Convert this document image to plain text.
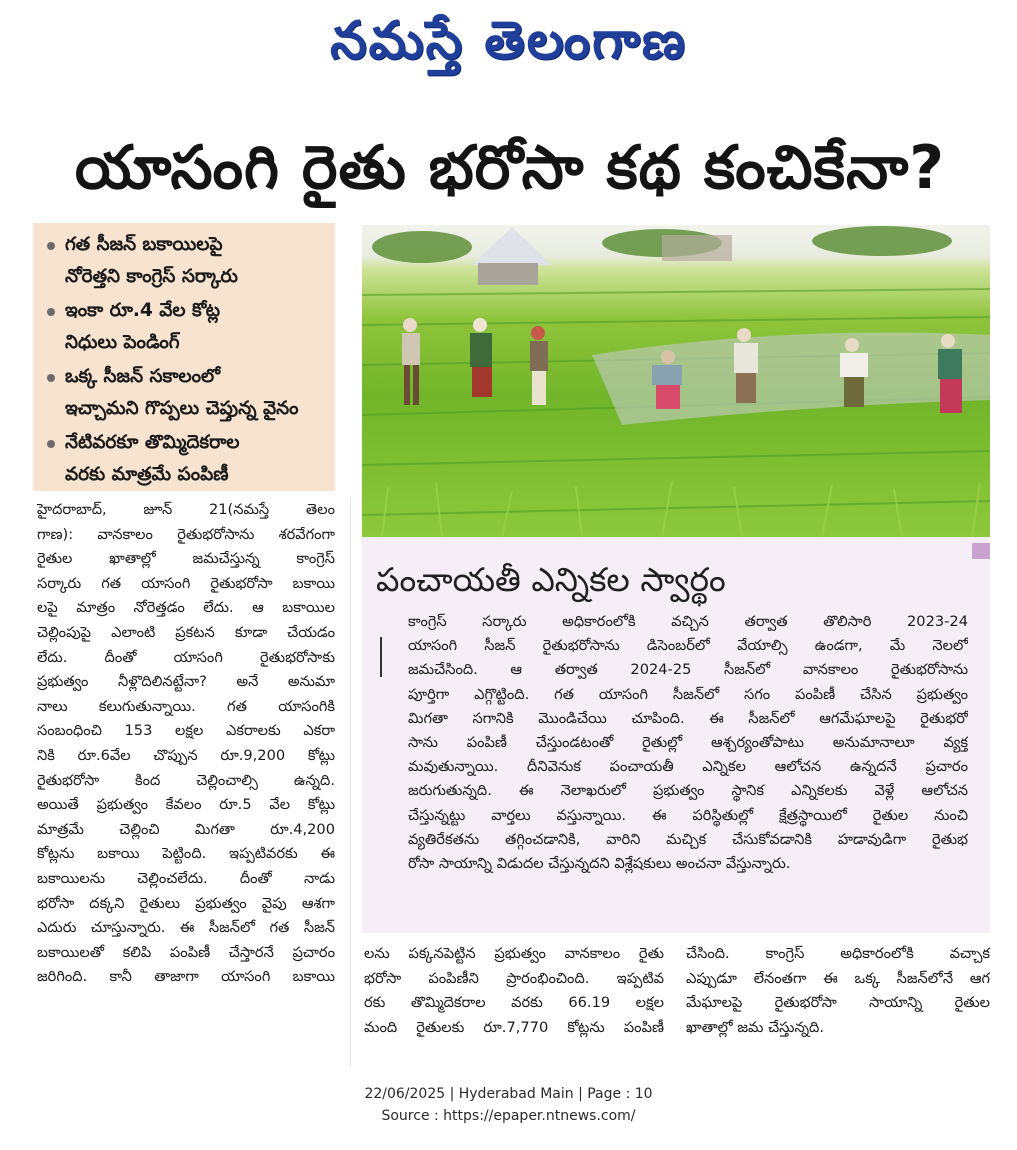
నమస్తే తెలంగాణ
యాసంగి రైతు భరోసా కథ కంచికేనా?
గత సీజన్ బకాయిలపై
నోరెత్తని కాంగ్రెస్ సర్కారు
ఇంకా రూ.4 వేల కోట్ల
నిధులు పెండింగ్
ఒక్క సీజన్ సకాలంలో
ఇచ్చామని గొప్పలు చెప్తున్న వైనం
నేటివరకూ తొమ్మిదెకరాల
వరకు మాత్రమే పంపిణీ
పంచాయతీ ఎన్నికల స్వార్థం
కాంగ్రెస్ సర్కారు అధికారంలోకి వచ్చిన తర్వాత తొలిసారి 2023-24
యాసంగి సీజన్ రైతుభరోసాను డిసెంబర్‌లో వేయాల్సి ఉండగా, మే నెలలో
జమచేసింది. ఆ తర్వాత 2024-25 సీజన్‌లో వానకాలం రైతుభరోసాను
పూర్తిగా ఎగ్గొట్టింది. గత యాసంగి సీజన్‌లో సగం పంపిణీ చేసిన ప్రభుత్వం
మిగతా సగానికి మొండిచేయి చూపింది. ఈ సీజన్‌లో ఆగమేఘాలపై రైతుభరో
సాను పంపిణీ చేస్తుండటంతో రైతుల్లో ఆశ్చర్యంతోపాటు అనుమానాలూ వ్యక్త
మవుతున్నాయి. దీనివెనుక పంచాయతీ ఎన్నికల ఆలోచన ఉన్నదనే ప్రచారం
జరుగుతున్నది. ఈ నెలాఖరులో ప్రభుత్వం స్థానిక ఎన్నికలకు వెళ్లే ఆలోచన
చేస్తున్నట్టు వార్తలు వస్తున్నాయి. ఈ పరిస్థితుల్లో క్షేత్రస్థాయిలో రైతుల నుంచి
వ్యతిరేకతను తగ్గించడానికి, వారిని మచ్చిక చేసుకోవడానికి హడావుడిగా రైతుభ
రోసా సాయాన్ని విడుదల చేస్తున్నదని విశ్లేషకులు అంచనా వేస్తున్నారు.
హైదరాబాద్, జూన్ 21(నమస్తే తెలం
గాణ): వానకాలం రైతుభరోసాను శరవేగంగా
రైతుల ఖాతాల్లో జమచేస్తున్న కాంగ్రెస్
సర్కారు గత యాసంగి రైతుభరోసా బకాయి
లపై మాత్రం నోరెత్తడం లేదు. ఆ బకాయిల
చెల్లింపుపై ఎలాంటి ప్రకటన కూడా చేయడం
లేదు. దీంతో యాసంగి రైతుభరోసాకు
ప్రభుత్వం నీళ్లొదిలినట్టేనా? అనే అనుమా
నాలు కలుగుతున్నాయి. గత యాసంగికి
సంబంధించి 153 లక్షల ఎకరాలకు ఎకరా
నికి రూ.6వేల చొప్పున రూ.9,200 కోట్లు
రైతుభరోసా కింద చెల్లించాల్సి ఉన్నది.
అయితే ప్రభుత్వం కేవలం రూ.5 వేల కోట్లు
మాత్రమే చెల్లించి మిగతా రూ.4,200
కోట్లను బకాయి పెట్టింది. ఇప్పటివరకు ఈ
బకాయిలను చెల్లించలేదు. దీంతో నాడు
భరోసా దక్కని రైతులు ప్రభుత్వం వైపు ఆశగా
ఎదురు చూస్తున్నారు. ఈ సీజన్‌లో గత సీజన్
బకాయిలతో కలిపి పంపిణీ చేస్తారనే ప్రచారం
జరిగింది. కానీ తాజాగా యాసంగి బకాయి
లను పక్కనపెట్టిన ప్రభుత్వం వానకాలం రైతు
భరోసా పంపిణీని ప్రారంభించింది. ఇప్పటివ
రకు తొమ్మిదెకరాల వరకు 66.19 లక్షల
మంది రైతులకు రూ.7,770 కోట్లను పంపిణీ
చేసింది. కాంగ్రెస్ అధికారంలోకి వచ్చాక
ఎప్పుడూ లేనంతగా ఈ ఒక్క సీజన్‌లోనే ఆగ
మేఘాలపై రైతుభరోసా సాయాన్ని రైతుల
ఖాతాల్లో జమ చేస్తున్నది.
22/06/2025 | Hyderabad Main | Page : 10
Source : https://epaper.ntnews.com/
